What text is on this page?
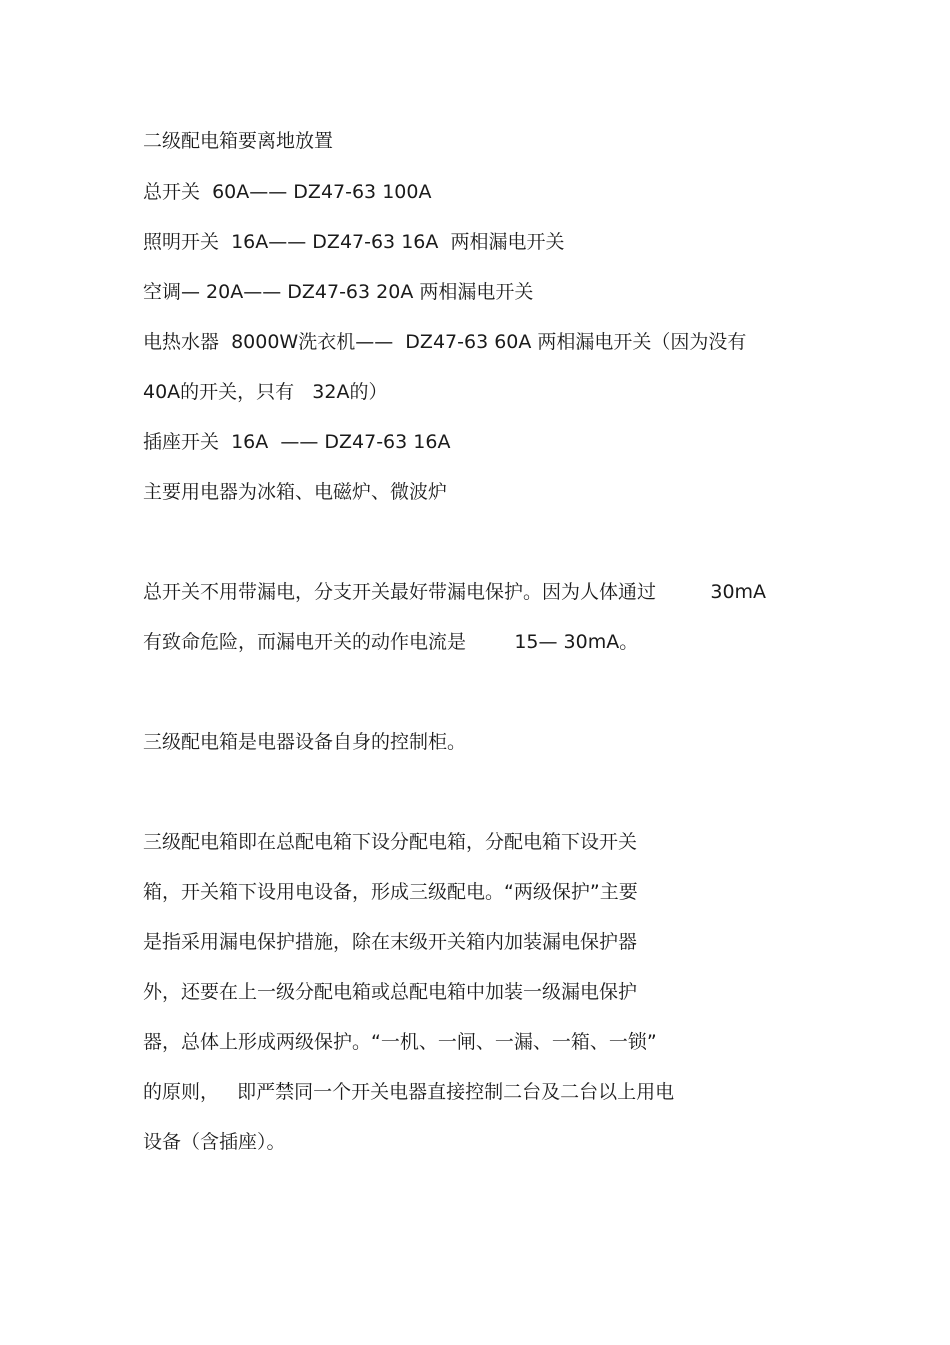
二级配电箱要离地放置
总开关  60A—— DZ47-63 100A
照明开关  16A—— DZ47-63 16A  两相漏电开关
空调— 20A—— DZ47-63 20A 两相漏电开关
电热水器  8000W洗衣机——  DZ47-63 60A 两相漏电开关（因为没有
40A的开关，只有   32A的）
插座开关  16A  —— DZ47-63 16A
主要用电器为冰箱、电磁炉、微波炉
总开关不用带漏电，分支开关最好带漏电保护。因为人体通过         30mA
有致命危险，而漏电开关的动作电流是        15— 30mA。
三级配电箱是电器设备自身的控制柜。
三级配电箱即在总配电箱下设分配电箱，分配电箱下设开关
箱，开关箱下设用电设备，形成三级配电。“两级保护”主要
是指采用漏电保护措施，除在末级开关箱内加装漏电保护器
外，还要在上一级分配电箱或总配电箱中加装一级漏电保护
器，总体上形成两级保护。“一机、一闸、一漏、一箱、一锁”
的原则，   即严禁同一个开关电器直接控制二台及二台以上用电
设备（含插座）。
